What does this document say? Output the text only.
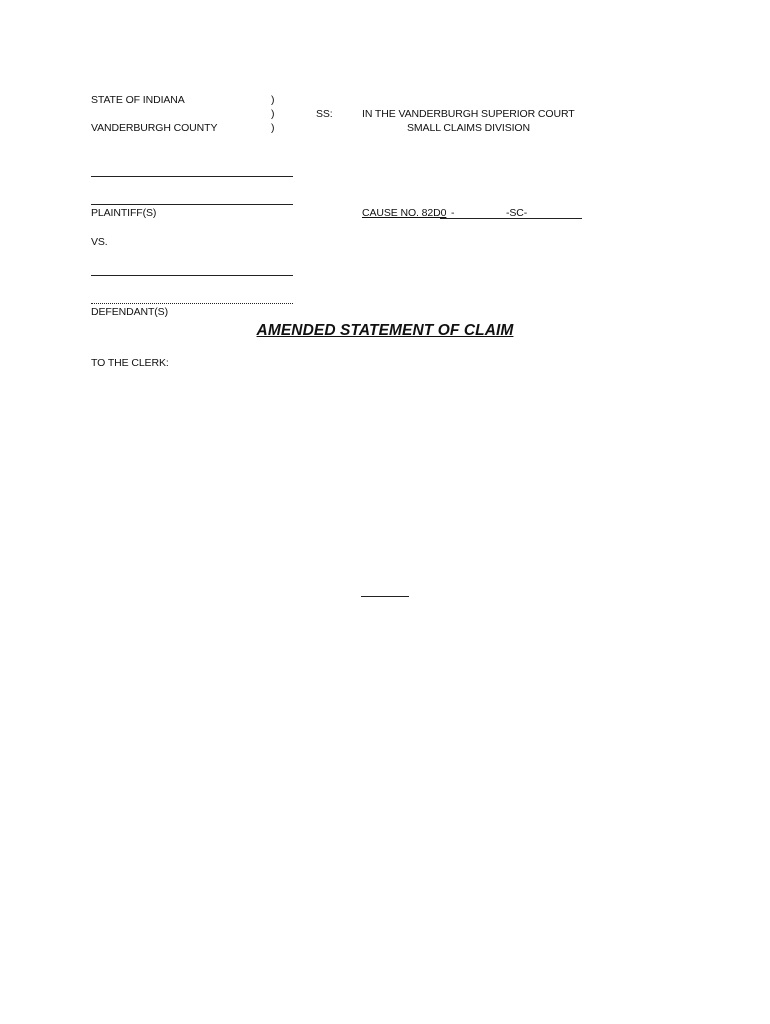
STATE OF INDIANA
VANDERBURGH COUNTY
)
)
)
SS:	IN THE VANDERBURGH SUPERIOR COURT
SMALL CLAIMS DIVISION
PLAINTIFF(S)	CAUSE NO. 82D0 -	-SC-
VS.
DEFENDANT(S)
AMENDED STATEMENT OF CLAIM
TO THE CLERK:
